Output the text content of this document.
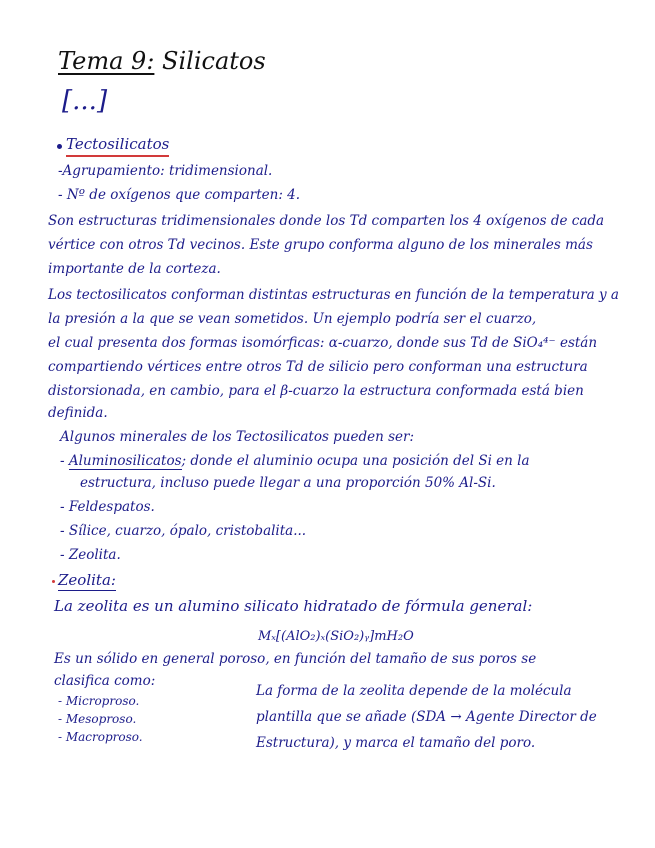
Tema 9: Silicatos
[...]
Tectosilicatos
-Agrupamiento: tridimensional.
- Nº de oxígenos que comparten: 4.
Son estructuras tridimensionales donde los Td comparten los 4 oxígenos de cada
vértice con otros Td vecinos. Este grupo conforma alguno de los minerales más
importante de la corteza.
Los tectosilicatos conforman distintas estructuras en función de la temperatura y a
la presión a la que se vean sometidos. Un ejemplo podría ser el cuarzo,
el cual presenta dos formas isomórficas: α-cuarzo, donde sus Td de SiO₄⁴⁻ están
compartiendo vértices entre otros Td de silicio pero conforman una estructura
distorsionada, en cambio, para el β-cuarzo la estructura conformada está bien
definida.
Algunos minerales de los Tectosilicatos pueden ser:
- Aluminosilicatos; donde el aluminio ocupa una posición del Si en la
estructura, incluso puede llegar a una proporción 50% Al-Si.
- Feldespatos.
- Sílice, cuarzo, ópalo, cristobalita...
- Zeolita.
Zeolita:
La zeolita es un alumino silicato hidratado de fórmula general:
Mₓ[(AlO₂)ₓ(SiO₂)ᵧ]mH₂O
Es un sólido en general poroso, en función del tamaño de sus poros se
clasifica como:
- Microproso.
- Mesoproso.
- Macroproso.
La forma de la zeolita depende de la molécula
plantilla que se añade (SDA → Agente Director de
Estructura), y marca el tamaño del poro.
